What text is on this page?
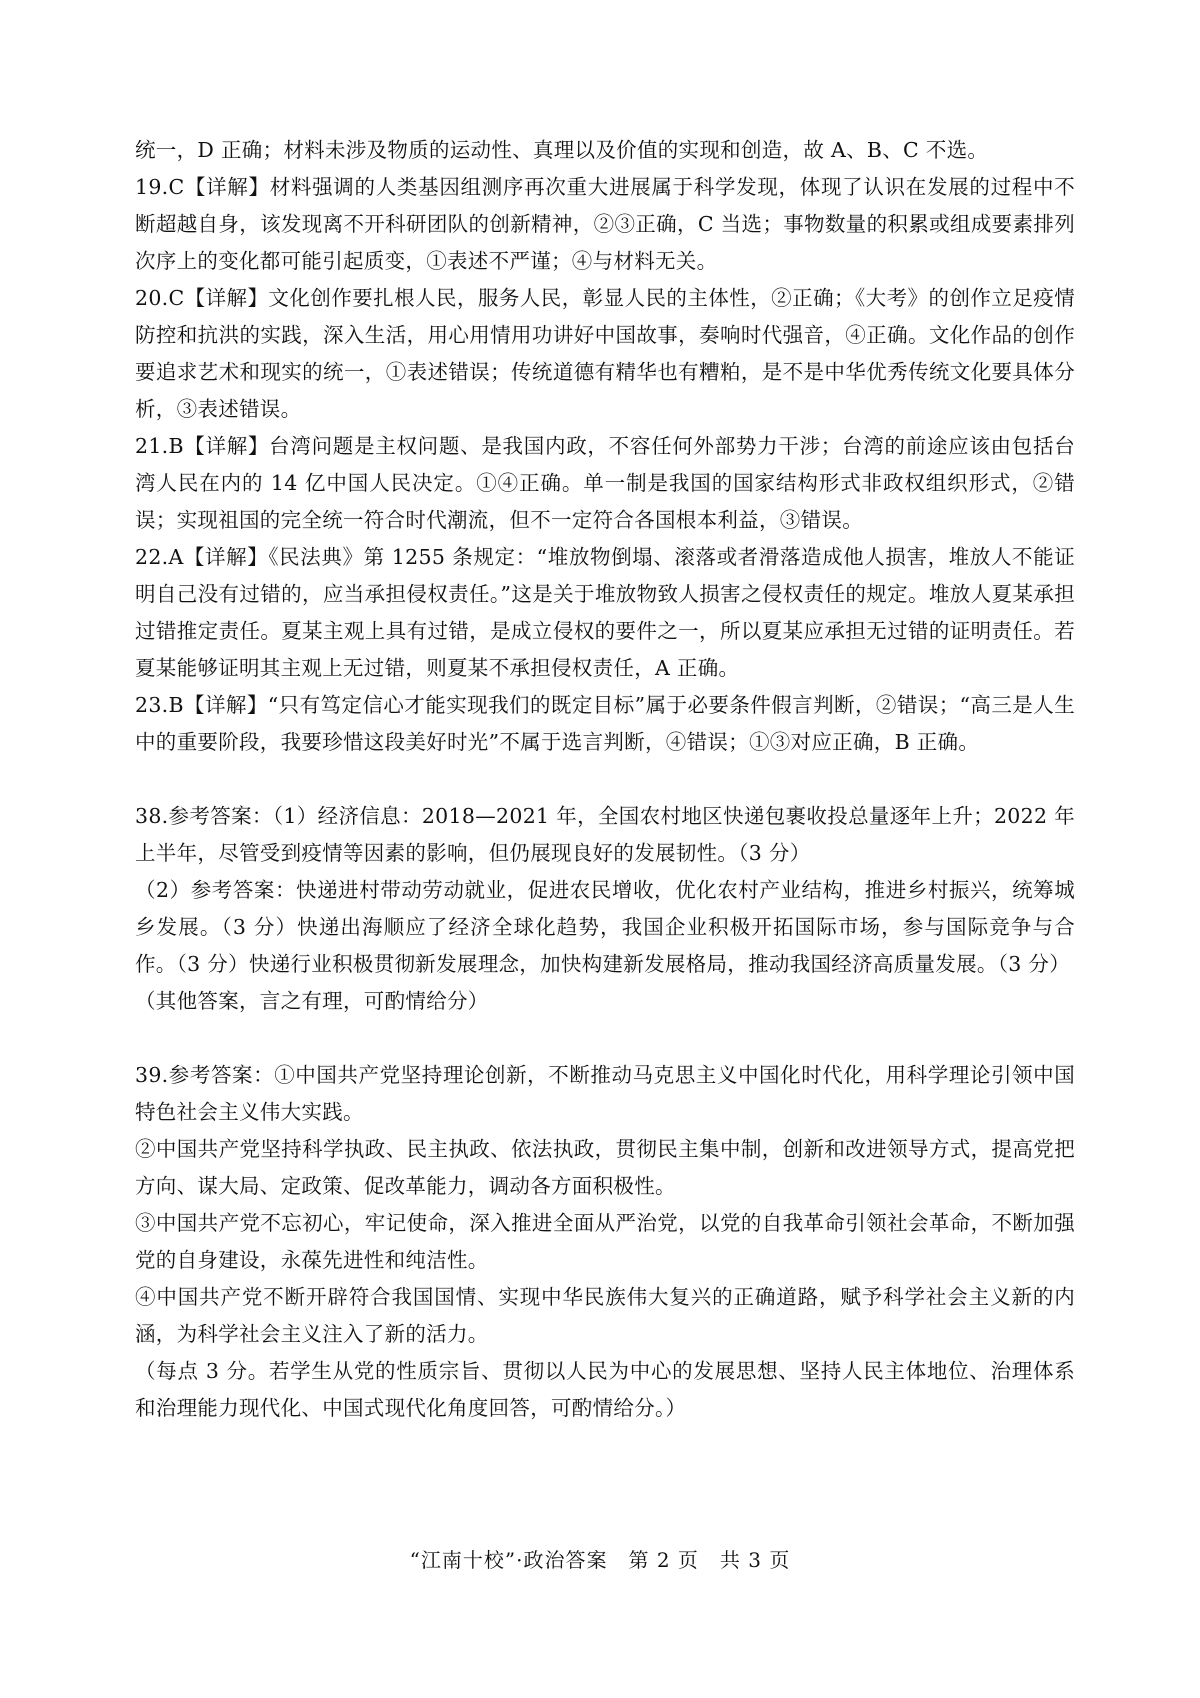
统一，D 正确；材料未涉及物质的运动性、真理以及价值的实现和创造，故 A、B、C 不选。

19.C【详解】材料强调的人类基因组测序再次重大进展属于科学发现，体现了认识在发展的过程中不断超越自身，该发现离不开科研团队的创新精神，②③正确，C 当选；事物数量的积累或组成要素排列次序上的变化都可能引起质变，①表述不严谨；④与材料无关。

20.C【详解】文化创作要扎根人民，服务人民，彰显人民的主体性，②正确；《大考》的创作立足疫情防控和抗洪的实践，深入生活，用心用情用功讲好中国故事，奏响时代强音，④正确。文化作品的创作要追求艺术和现实的统一，①表述错误；传统道德有精华也有糟粕，是不是中华优秀传统文化要具体分析，③表述错误。

21.B【详解】台湾问题是主权问题、是我国内政，不容任何外部势力干涉；台湾的前途应该由包括台湾人民在内的 14 亿中国人民决定。①④正确。单一制是我国的国家结构形式非政权组织形式，②错误；实现祖国的完全统一符合时代潮流，但不一定符合各国根本利益，③错误。

22.A【详解】《民法典》第 1255 条规定：“堆放物倒塌、滚落或者滑落造成他人损害，堆放人不能证明自己没有过错的，应当承担侵权责任。”这是关于堆放物致人损害之侵权责任的规定。堆放人夏某承担过错推定责任。夏某主观上具有过错，是成立侵权的要件之一，所以夏某应承担无过错的证明责任。若夏某能够证明其主观上无过错，则夏某不承担侵权责任，A 正确。

23.B【详解】“只有笃定信心才能实现我们的既定目标”属于必要条件假言判断，②错误；“高三是人生中的重要阶段，我要珍惜这段美好时光”不属于选言判断，④错误；①③对应正确，B 正确。

38.参考答案：（1）经济信息：2018—2021 年，全国农村地区快递包裹收投总量逐年上升；2022 年上半年，尽管受到疫情等因素的影响，但仍展现良好的发展韧性。（3 分）

（2）参考答案：快递进村带动劳动就业，促进农民增收，优化农村产业结构，推进乡村振兴，统筹城乡发展。（3 分）快递出海顺应了经济全球化趋势，我国企业积极开拓国际市场，参与国际竞争与合作。（3 分）快递行业积极贯彻新发展理念，加快构建新发展格局，推动我国经济高质量发展。（3 分）

（其他答案，言之有理，可酌情给分）

39.参考答案：①中国共产党坚持理论创新，不断推动马克思主义中国化时代化，用科学理论引领中国特色社会主义伟大实践。

②中国共产党坚持科学执政、民主执政、依法执政，贯彻民主集中制，创新和改进领导方式，提高党把方向、谋大局、定政策、促改革能力，调动各方面积极性。

③中国共产党不忘初心，牢记使命，深入推进全面从严治党，以党的自我革命引领社会革命，不断加强党的自身建设，永葆先进性和纯洁性。

④中国共产党不断开辟符合我国国情、实现中华民族伟大复兴的正确道路，赋予科学社会主义新的内涵，为科学社会主义注入了新的活力。

（每点 3 分。若学生从党的性质宗旨、贯彻以人民为中心的发展思想、坚持人民主体地位、治理体系和治理能力现代化、中国式现代化角度回答，可酌情给分。）

“江南十校”·政治答案　第 2 页　共 3 页
